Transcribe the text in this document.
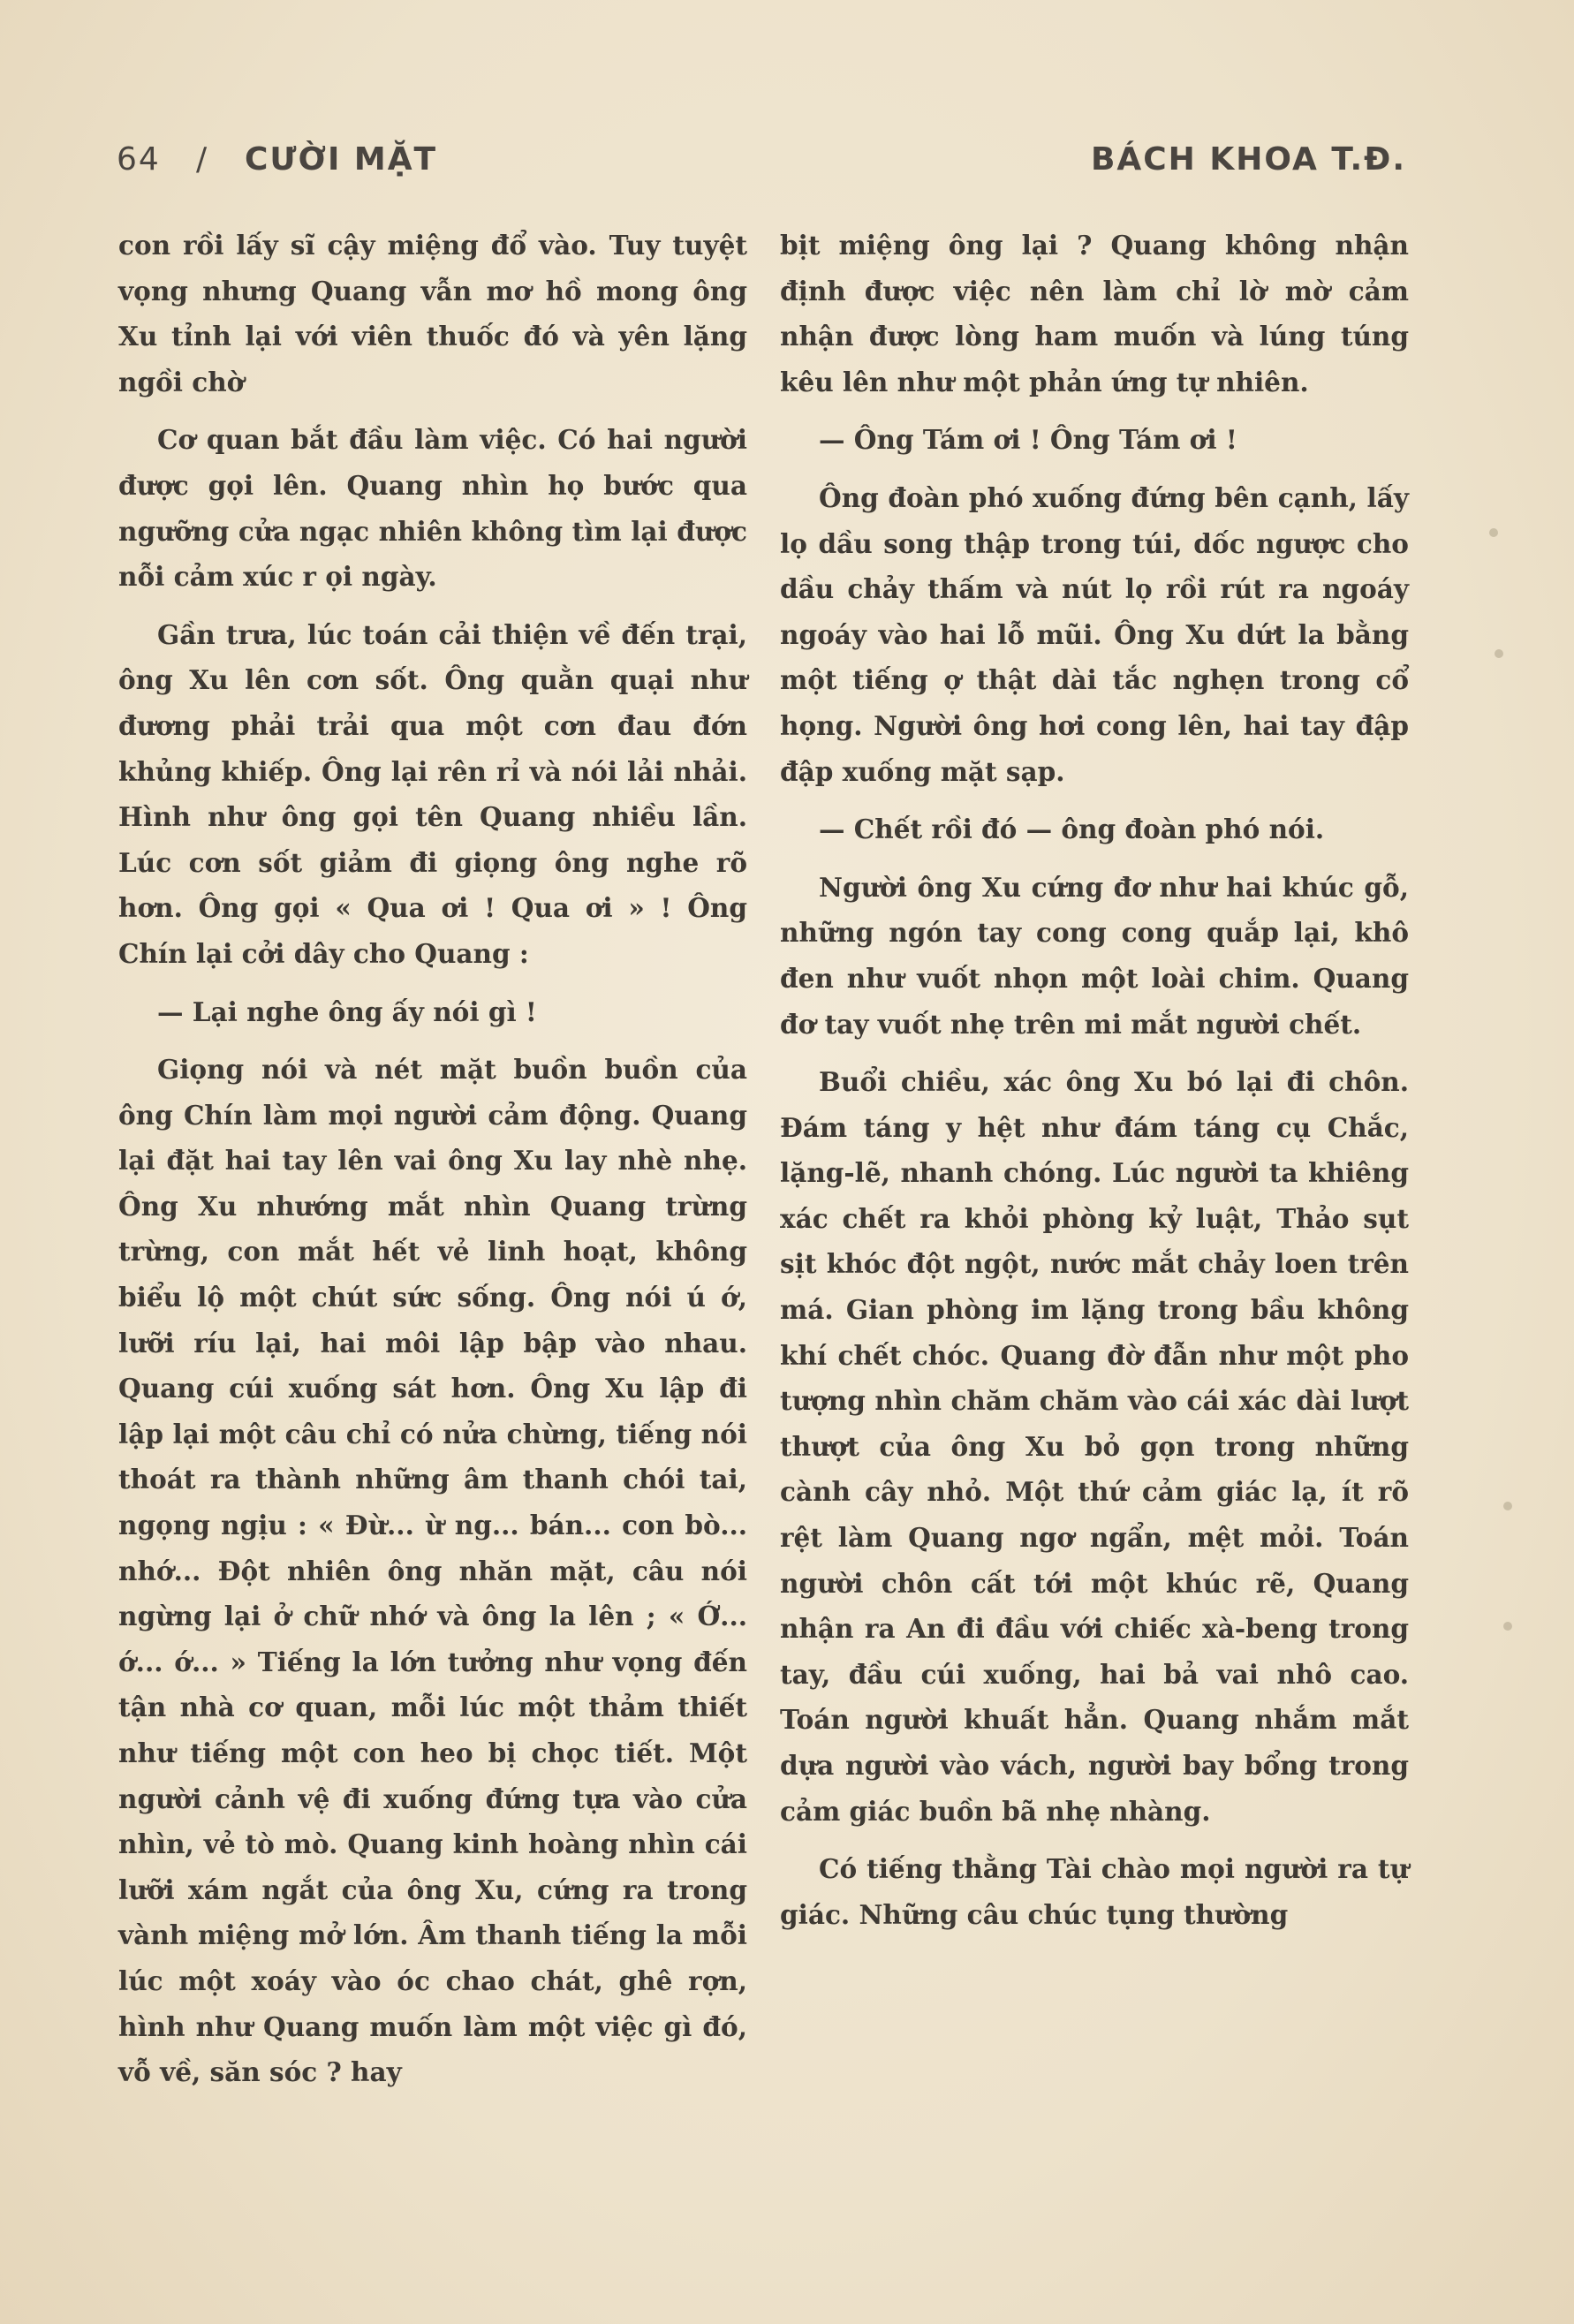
64 / CƯỜI MẶT	BÁCH KHOA T.Đ.

con rồi lấy sĩ cậy miệng đổ vào. Tuy tuyệt vọng nhưng Quang vẫn mơ hồ mong ông Xu tỉnh lại với viên thuốc đó và yên lặng ngồi chờ

Cơ quan bắt đầu làm việc. Có hai người được gọi lên. Quang nhìn họ bước qua ngưỡng cửa ngạc nhiên không tìm lại được nỗi cảm xúc r ọi ngày.

Gần trưa, lúc toán cải thiện về đến trại, ông Xu lên cơn sốt. Ông quằn quại như đương phải trải qua một cơn đau đớn khủng khiếp. Ông lại rên rỉ và nói lải nhải. Hình như ông gọi tên Quang nhiều lần. Lúc cơn sốt giảm đi giọng ông nghe rõ hơn. Ông gọi « Qua ơi ! Qua ơi » ! Ông Chín lại cởi dây cho Quang :

— Lại nghe ông ấy nói gì !

Giọng nói và nét mặt buồn buồn của ông Chín làm mọi người cảm động. Quang lại đặt hai tay lên vai ông Xu lay nhè nhẹ. Ông Xu nhướng mắt nhìn Quang trừng trừng, con mắt hết vẻ linh hoạt, không biểu lộ một chút sức sống. Ông nói ú ớ, lưỡi ríu lại, hai môi lập bập vào nhau. Quang cúi xuống sát hơn. Ông Xu lập đi lập lại một câu chỉ có nửa chừng, tiếng nói thoát ra thành những âm thanh chói tai, ngọng ngịu : « Đừ... ừ ng... bán... con bò... nhớ... Đột nhiên ông nhăn mặt, câu nói ngừng lại ở chữ nhớ và ông la lên ; « Ớ... ớ... ớ... » Tiếng la lớn tưởng như vọng đến tận nhà cơ quan, mỗi lúc một thảm thiết như tiếng một con heo bị chọc tiết. Một người cảnh vệ đi xuống đứng tựa vào cửa nhìn, vẻ tò mò. Quang kinh hoàng nhìn cái lưỡi xám ngắt của ông Xu, cứng ra trong vành miệng mở lớn. Âm thanh tiếng la mỗi lúc một xoáy vào óc chao chát, ghê rợn, hình như Quang muốn làm một việc gì đó, vỗ về, săn sóc ? hay

bịt miệng ông lại ? Quang không nhận định được việc nên làm chỉ lờ mờ cảm nhận được lòng ham muốn và lúng túng kêu lên như một phản ứng tự nhiên.

— Ông Tám ơi ! Ông Tám ơi !

Ông đoàn phó xuống đứng bên cạnh, lấy lọ dầu song thập trong túi, dốc ngược cho dầu chảy thấm và nút lọ rồi rút ra ngoáy ngoáy vào hai lỗ mũi. Ông Xu dứt la bằng một tiếng ợ thật dài tắc nghẹn trong cổ họng. Người ông hơi cong lên, hai tay đập đập xuống mặt sạp.

— Chết rồi đó — ông đoàn phó nói.

Người ông Xu cứng đơ như hai khúc gỗ, những ngón tay cong cong quắp lại, khô đen như vuốt nhọn một loài chim. Quang đơ tay vuốt nhẹ trên mi mắt người chết.

Buổi chiều, xác ông Xu bó lại đi chôn. Đám táng y hệt như đám táng cụ Chắc, lặng-lẽ, nhanh chóng. Lúc người ta khiêng xác chết ra khỏi phòng kỷ luật, Thảo sụt sịt khóc đột ngột, nước mắt chảy loen trên má. Gian phòng im lặng trong bầu không khí chết chóc. Quang đờ đẫn như một pho tượng nhìn chăm chăm vào cái xác dài lượt thượt của ông Xu bỏ gọn trong những cành cây nhỏ. Một thứ cảm giác lạ, ít rõ rệt làm Quang ngơ ngẩn, mệt mỏi. Toán người chôn cất tới một khúc rẽ, Quang nhận ra An đi đầu với chiếc xà-beng trong tay, đầu cúi xuống, hai bả vai nhô cao. Toán người khuất hẳn. Quang nhắm mắt dựa người vào vách, người bay bổng trong cảm giác buồn bã nhẹ nhàng.

Có tiếng thằng Tài chào mọi người ra tự giác. Những câu chúc tụng thường
